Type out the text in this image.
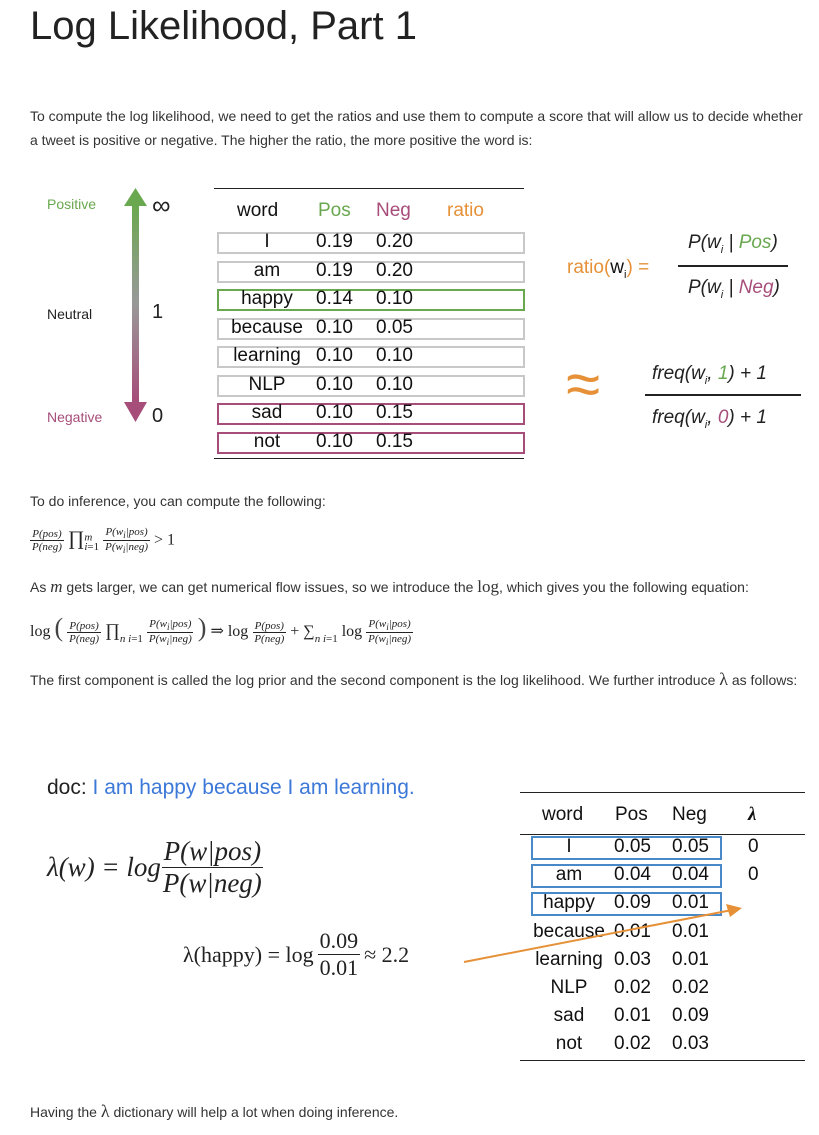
Log Likelihood, Part 1
To compute the log likelihood, we need to get the ratios and use them to compute a score that will allow us to decide whether a tweet is positive or negative. The higher the ratio, the more positive the word is:
Positive
Neutral
Negative
∞
1
0
word Pos Neg ratio
I	0.19 0.20
am	0.19 0.20
happy	0.14 0.10
because 0.10 0.05
learning 0.10 0.10
NLP	0.10 0.10
sad	0.10 0.15
not	0.10 0.15
$ratio(w_i)$ =
$P(w_i$ | Pos)
$P(w_i$ | Neg)
≈	$freq(w_i$, 1) + 1
$freq(w_i$, 0) + 1
To do inference, you can compute the following:
$\frac{\text{P(pos)}}{\text{P(neg)}}$ ∏$^m_{i=1}$ $\frac{P(w_i|pos)}{P(w_i|neg)} > 1$
As m gets larger, we can get numerical flow issues, so we introduce the log, which gives you the following equation:
log ( $\frac{\text{P(pos)}}{\text{P(neg)}}$ $\prod_{n i=1} \frac{P(w_i|pos)}{P(w_i|neg)}$ ) ⇒ $\log \frac{\text{P(pos)}}{\text{P(neg)}} + \sum_{n i=1}$ $\log \frac{P(w_i|pos)}{P(w_i|neg)}$
The first component is called the log prior and the second component is the log likelihood. We further introduce λ as follows:
doc: I am happy because I am learning.
$\lambda(w) = \log \frac{\text{P(w|pos)}}{\text{P(w|neg)}}$
λ(happy) = $\log \frac{0.09}{0.01} \approx 2.2$
word Pos Neg λ
I	0.05 0.05 0
am	0.04 0.04 0
happy	0.09 0.01
because 0.01 0.01
learning 0.03 0.01
NLP	0.02 0.02
sad	0.01 0.09
not	0.02 0.03
Having the λ dictionary will help a lot when doing inference.
